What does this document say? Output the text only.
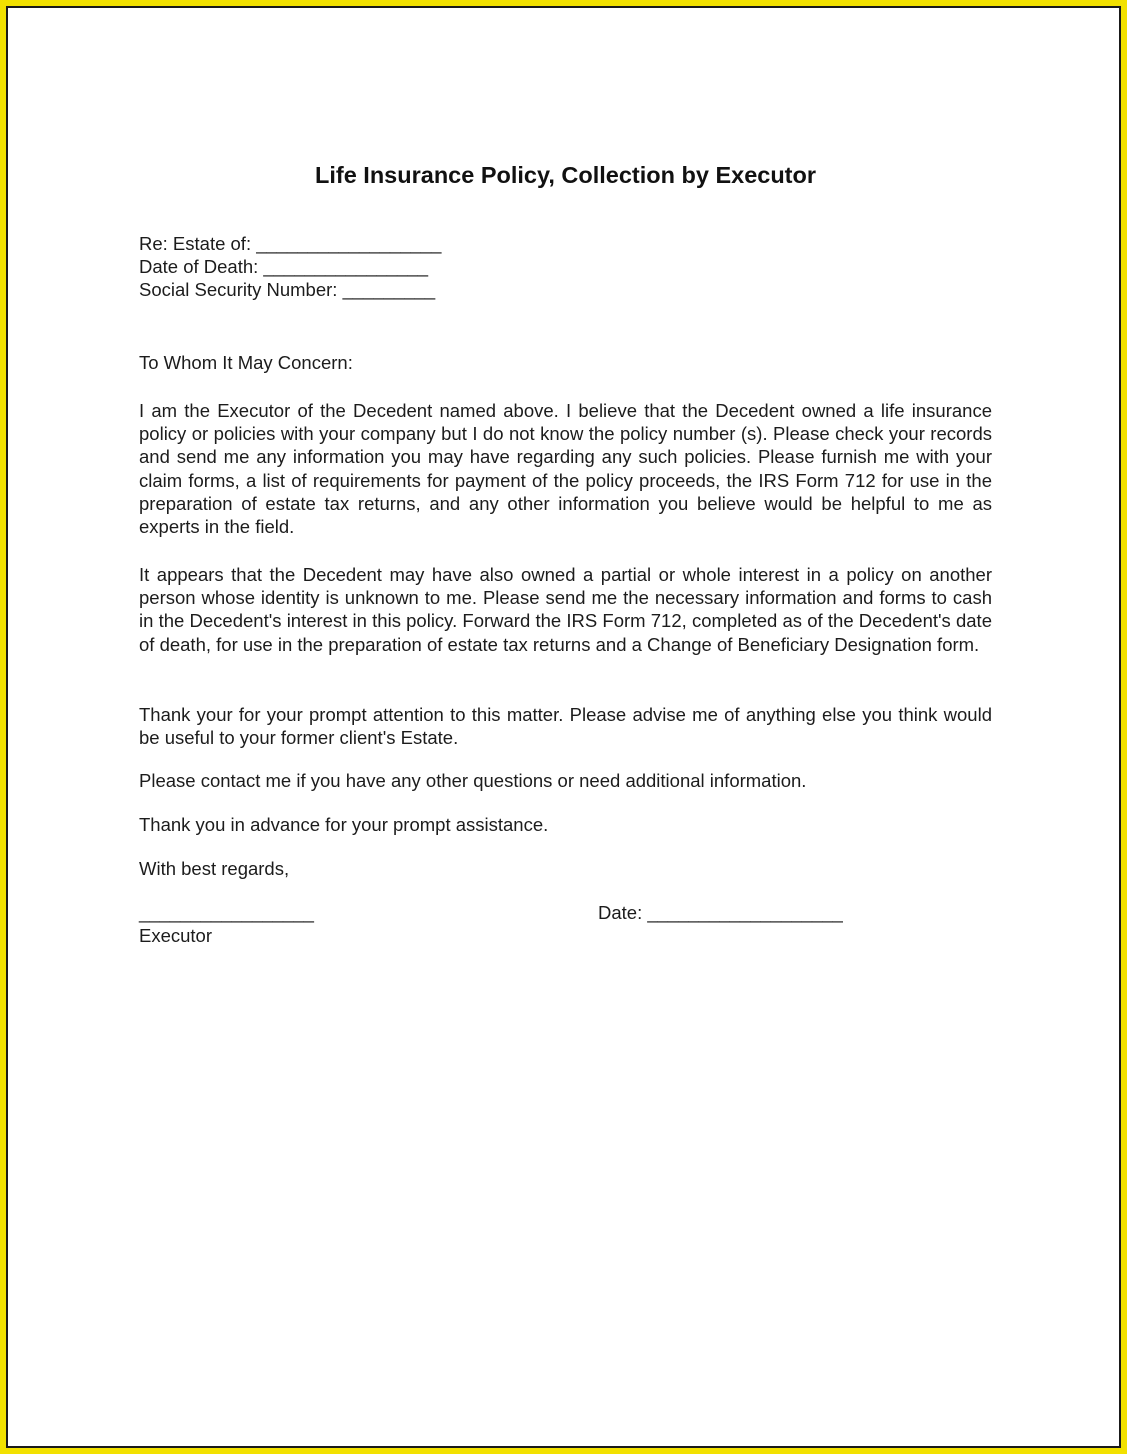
Life Insurance Policy, Collection by Executor

Re: Estate of: __________________

Date of Death: ________________

Social Security Number: _________

To Whom It May Concern:

I am the Executor of the Decedent named above. I believe that the Decedent owned a life insurance policy or policies with your company but I do not know the policy number (s). Please check your records and send me any information you may have regarding any such policies. Please furnish me with your claim forms, a list of requirements for payment of the policy proceeds, the IRS Form 712 for use in the preparation of estate tax returns, and any other information you believe would be helpful to me as experts in the field.

It appears that the Decedent may have also owned a partial or whole interest in a policy on another person whose identity is unknown to me. Please send me the necessary information and forms to cash in the Decedent's interest in this policy. Forward the IRS Form 712, completed as of the Decedent's date of death, for use in the preparation of estate tax returns and a Change of Beneficiary Designation form.

Thank your for your prompt attention to this matter. Please advise me of anything else you think would be useful to your former client's Estate.

Please contact me if you have any other questions or need additional information.

Thank you in advance for your prompt assistance.

With best regards,

_________________	Date: ___________________

Executor
